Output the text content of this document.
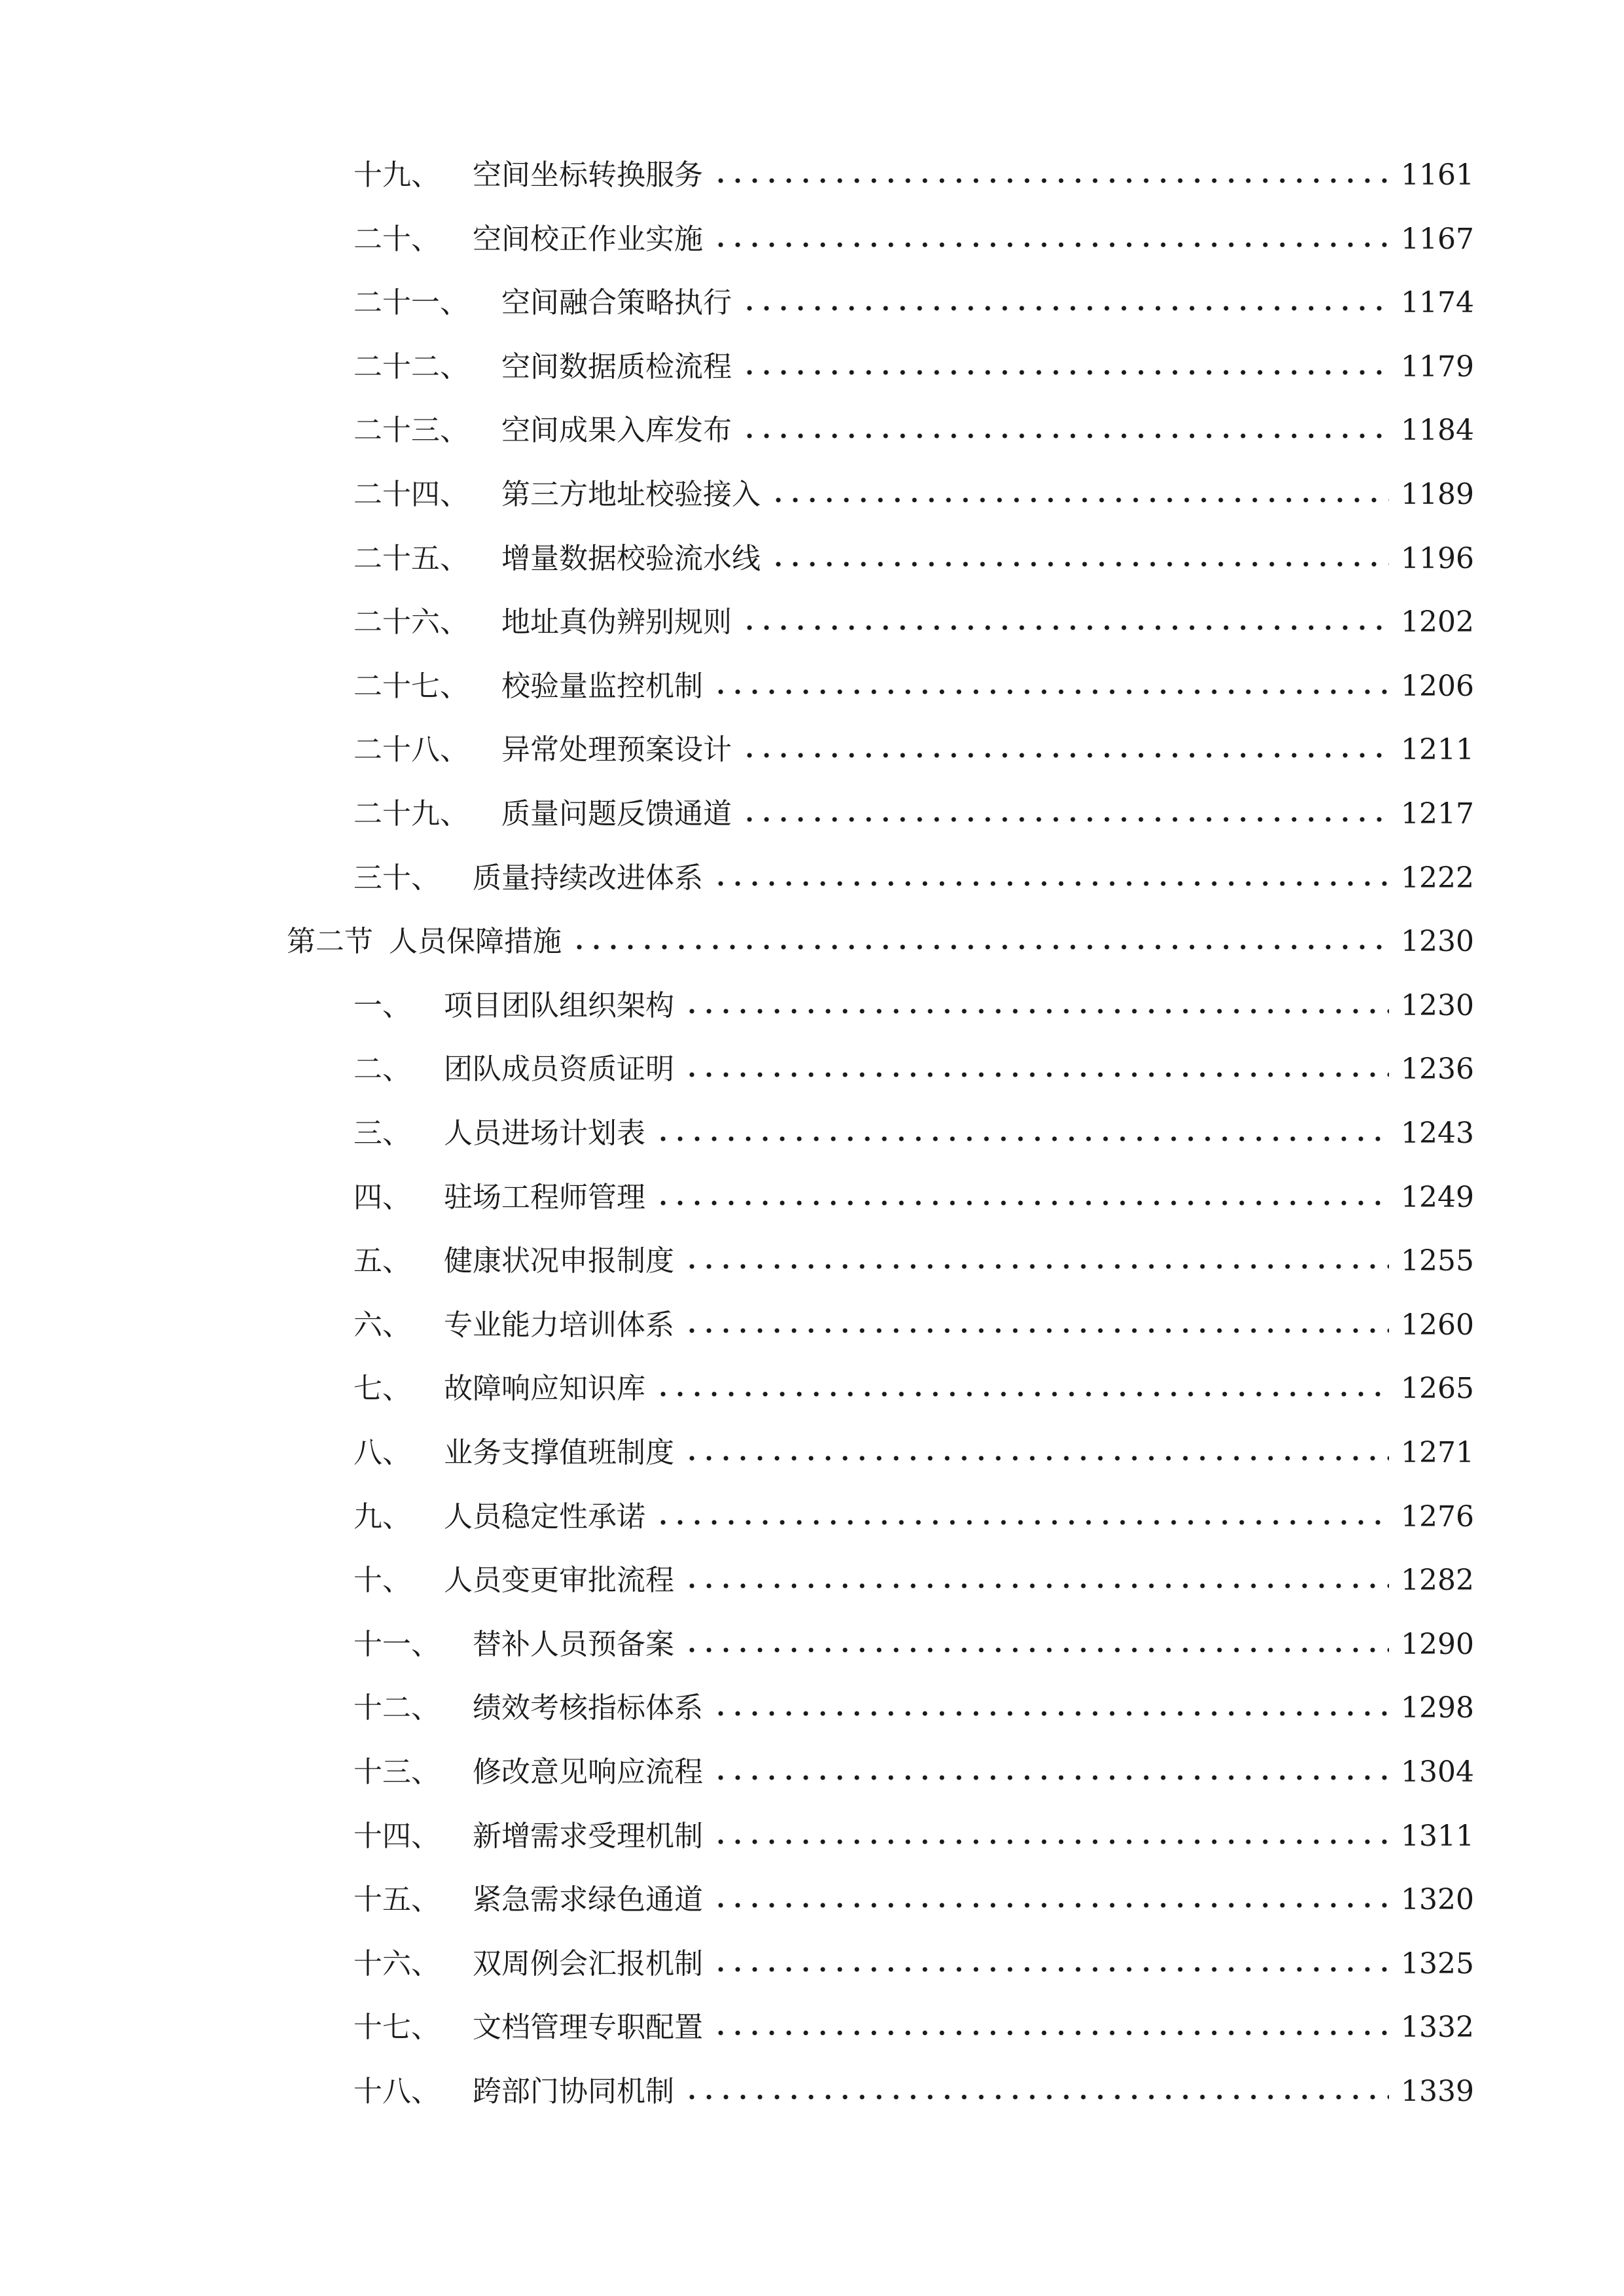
十九、 空间坐标转换服务	1161
二十、 空间校正作业实施	1167
二十一、 空间融合策略执行	1174
二十二、 空间数据质检流程	1179
二十三、 空间成果入库发布	1184
二十四、 第三方地址校验接入	1189
二十五、 增量数据校验流水线	1196
二十六、 地址真伪辨别规则	1202
二十七、 校验量监控机制	1206
二十八、 异常处理预案设计	1211
二十九、 质量问题反馈通道	1217
三十、 质量持续改进体系	1222
第二节 人员保障措施	1230
一、 项目团队组织架构	1230
二、 团队成员资质证明	1236
三、 人员进场计划表	1243
四、 驻场工程师管理	1249
五、 健康状况申报制度	1255
六、 专业能力培训体系	1260
七、 故障响应知识库	1265
八、 业务支撑值班制度	1271
九、 人员稳定性承诺	1276
十、 人员变更审批流程	1282
十一、 替补人员预备案	1290
十二、 绩效考核指标体系	1298
十三、 修改意见响应流程	1304
十四、 新增需求受理机制	1311
十五、 紧急需求绿色通道	1320
十六、 双周例会汇报机制	1325
十七、 文档管理专职配置	1332
十八、 跨部门协同机制	1339
